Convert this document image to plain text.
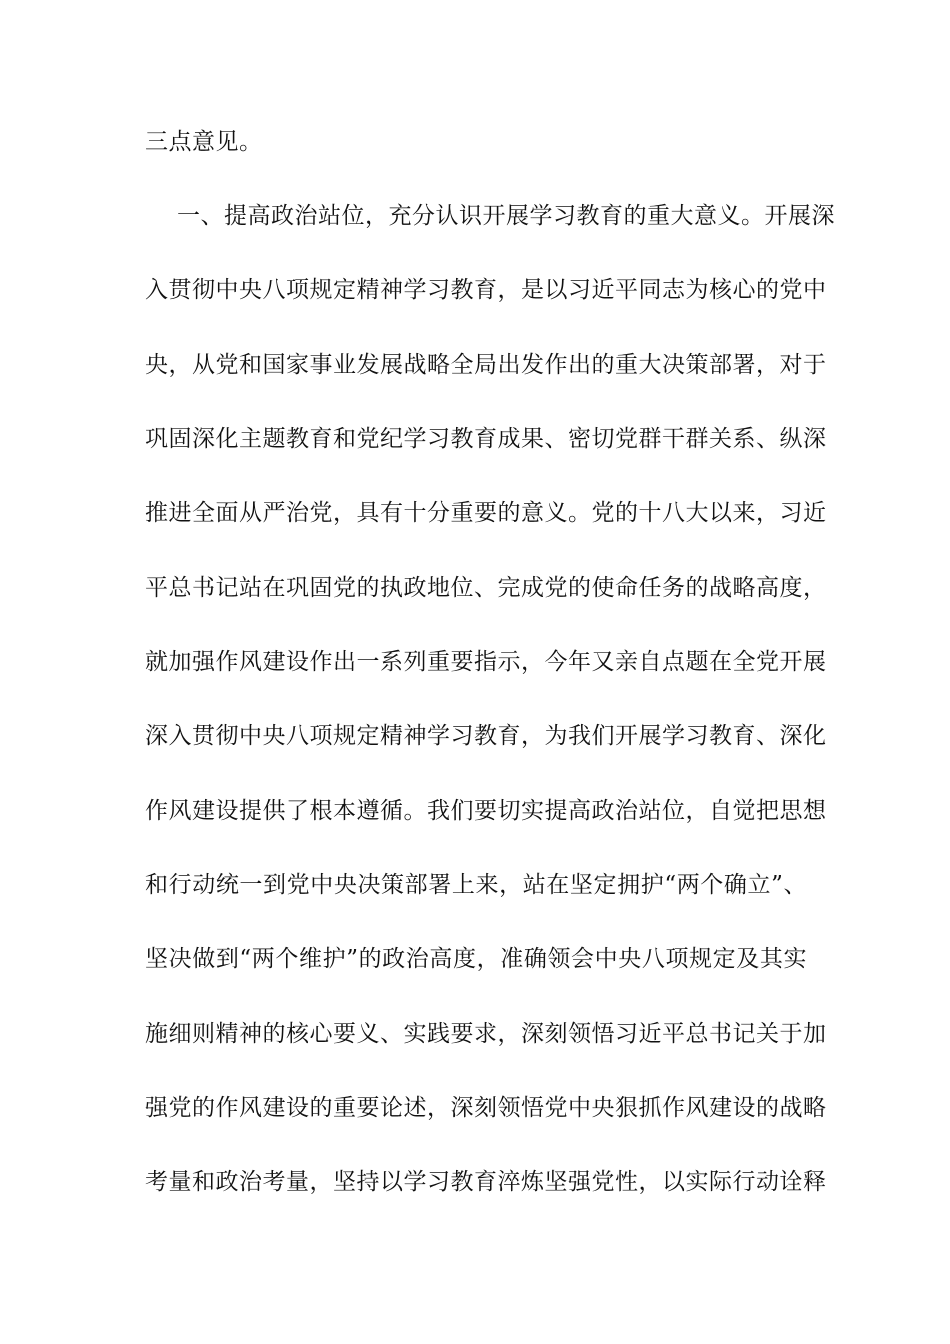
三点意见。
一、提高政治站位，充分认识开展学习教育的重大意义。开展深
入贯彻中央八项规定精神学习教育，是以习近平同志为核心的党中
央，从党和国家事业发展战略全局出发作出的重大决策部署，对于
巩固深化主题教育和党纪学习教育成果、密切党群干群关系、纵深
推进全面从严治党，具有十分重要的意义。党的十八大以来，习近
平总书记站在巩固党的执政地位、完成党的使命任务的战略高度，
就加强作风建设作出一系列重要指示，今年又亲自点题在全党开展
深入贯彻中央八项规定精神学习教育，为我们开展学习教育、深化
作风建设提供了根本遵循。我们要切实提高政治站位，自觉把思想
和行动统一到党中央决策部署上来，站在坚定拥护“两个确立”、
坚决做到“两个维护”的政治高度，准确领会中央八项规定及其实
施细则精神的核心要义、实践要求，深刻领悟习近平总书记关于加
强党的作风建设的重要论述，深刻领悟党中央狠抓作风建设的战略
考量和政治考量，坚持以学习教育淬炼坚强党性，以实际行动诠释
